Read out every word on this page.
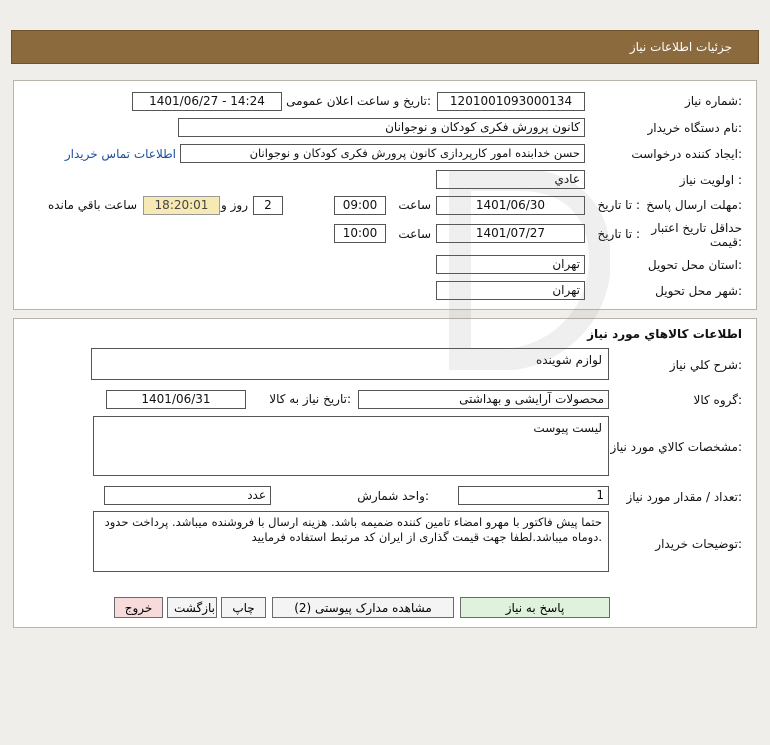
جزئیات اطلاعات نیاز
شماره نیاز:
1201001093000134
تاریخ و ساعت اعلان عمومی:
1401/06/27 - 14:24
نام دستگاه خریدار:
کانون پرورش فکری کودکان و نوجوانان
ایجاد کننده درخواست:
حسن خدابنده امور کارپردازی کانون پرورش فکری کودکان و نوجوانان
اطلاعات تماس خریدار
اولویت نیاز :
عادي
مهلت ارسال پاسخ:
تا تاریخ :
1401/06/30
ساعت
09:00
2
روز و
18:20:01
ساعت باقي مانده
حداقل تاریخ اعتبار قیمت:
تا تاریخ :
1401/07/27
ساعت
10:00
استان محل تحویل:
تهران
شهر محل تحویل:
تهران
اطلاعات کالاهاي مورد نیاز
شرح کلي نیاز:
لوازم شوینده
گروه کالا:
محصولات آرایشی و بهداشتی
تاریخ نیاز به کالا:
1401/06/31
مشخصات کالاي مورد نیاز:
لیست پیوست
تعداد / مقدار مورد نیاز:
1
واحد شمارش:
عدد
توضیحات خریدار:
حتما پیش فاکتور با مهرو امضاء تامین کننده ضمیمه باشد. هزینه ارسال با فروشنده میباشد. پرداخت حدود دوماه میباشد.لطفا جهت قیمت گذاری از ایران کد مرتبط استفاده فرمایید.
پاسخ به نیاز
مشاهده مدارک پیوستی (2)
چاپ
بازگشت
خروج
